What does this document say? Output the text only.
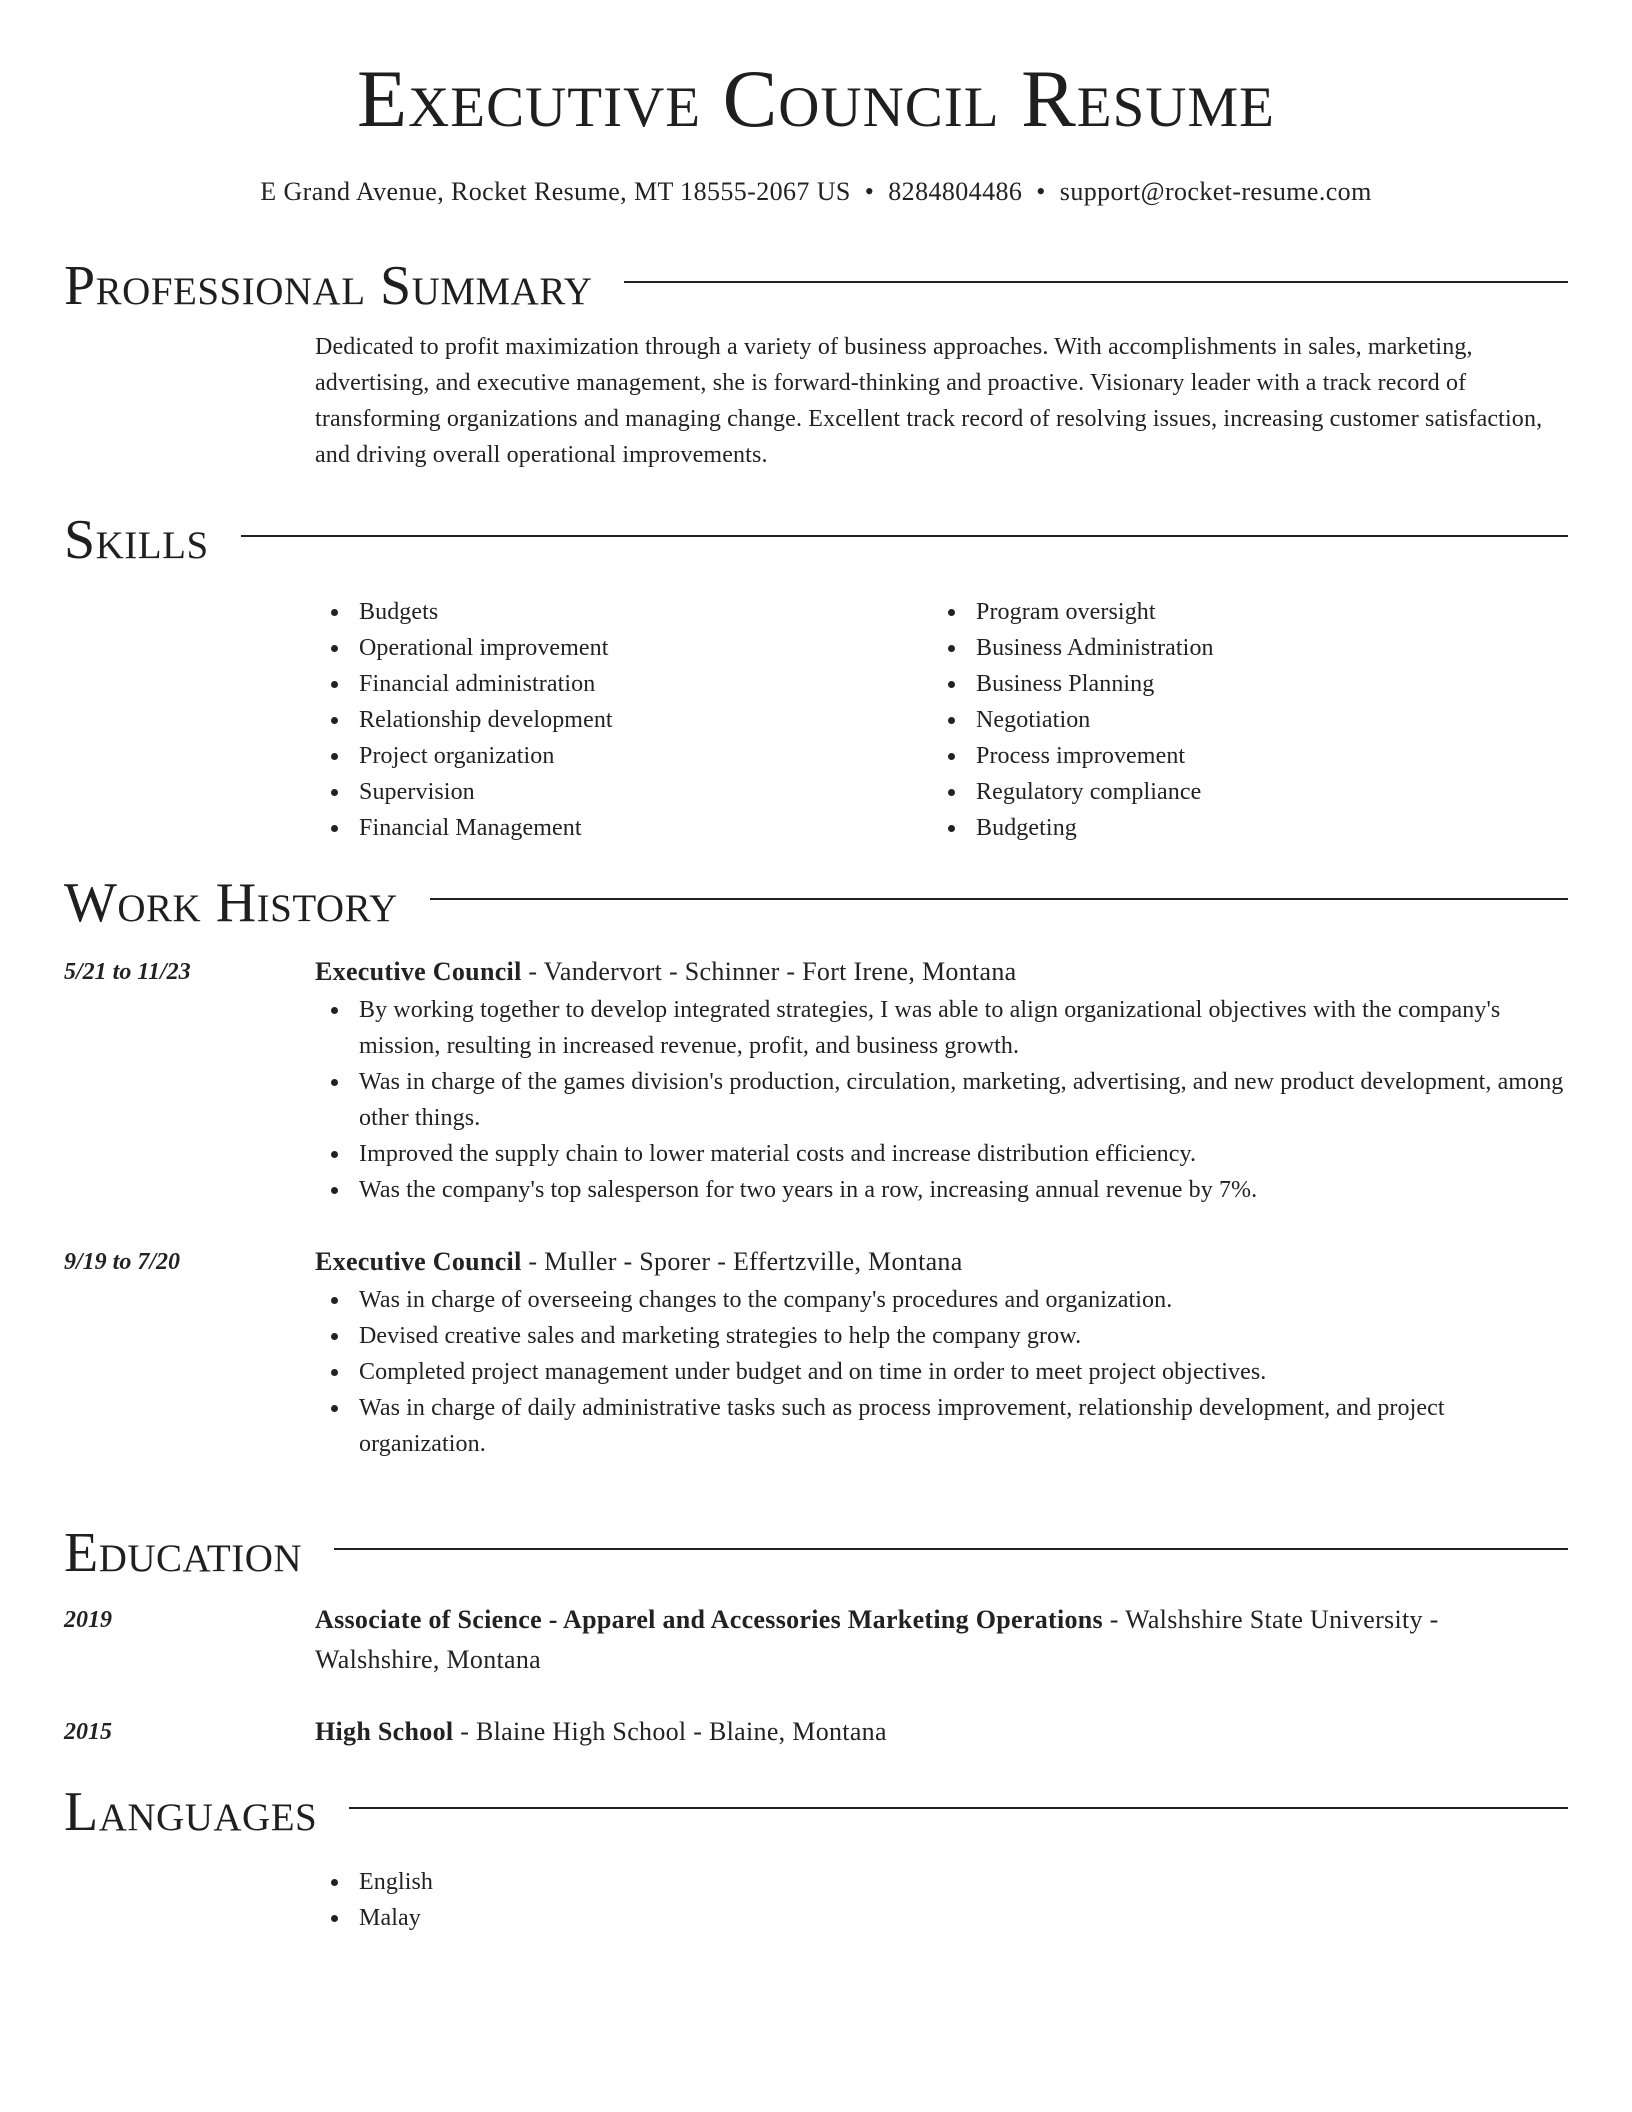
Executive Council Resume
E Grand Avenue, Rocket Resume, MT 18555-2067 US • 8284804486 • support@rocket-resume.com
Professional Summary

Dedicated to profit maximization through a variety of business approaches. With accomplishments in sales, marketing, advertising, and executive management, she is forward-thinking and proactive. Visionary leader with a track record of transforming organizations and managing change. Excellent track record of resolving issues, increasing customer satisfaction, and driving overall operational improvements.

Skills
Budgets
Operational improvement
Financial administration
Relationship development
Project organization
Supervision
Financial Management
Program oversight
Business Administration
Business Planning
Negotiation
Process improvement
Regulatory compliance
Budgeting
Work History
5/21 to 11/23	Executive Council - Vandervort - Schinner - Fort Irene, Montana
By working together to develop integrated strategies, I was able to align organizational objectives with the company's mission, resulting in increased revenue, profit, and business growth.
Was in charge of the games division's production, circulation, marketing, advertising, and new product development, among other things.
Improved the supply chain to lower material costs and increase distribution efficiency.
Was the company's top salesperson for two years in a row, increasing annual revenue by 7%.
9/19 to 7/20	Executive Council - Muller - Sporer - Effertzville, Montana
Was in charge of overseeing changes to the company's procedures and organization.
Devised creative sales and marketing strategies to help the company grow.
Completed project management under budget and on time in order to meet project objectives.
Was in charge of daily administrative tasks such as process improvement, relationship development, and project organization.
Education
2019	Associate of Science - Apparel and Accessories Marketing Operations - Walshshire State University - Walshshire, Montana
2015	High School - Blaine High School - Blaine, Montana
Languages
English
Malay
